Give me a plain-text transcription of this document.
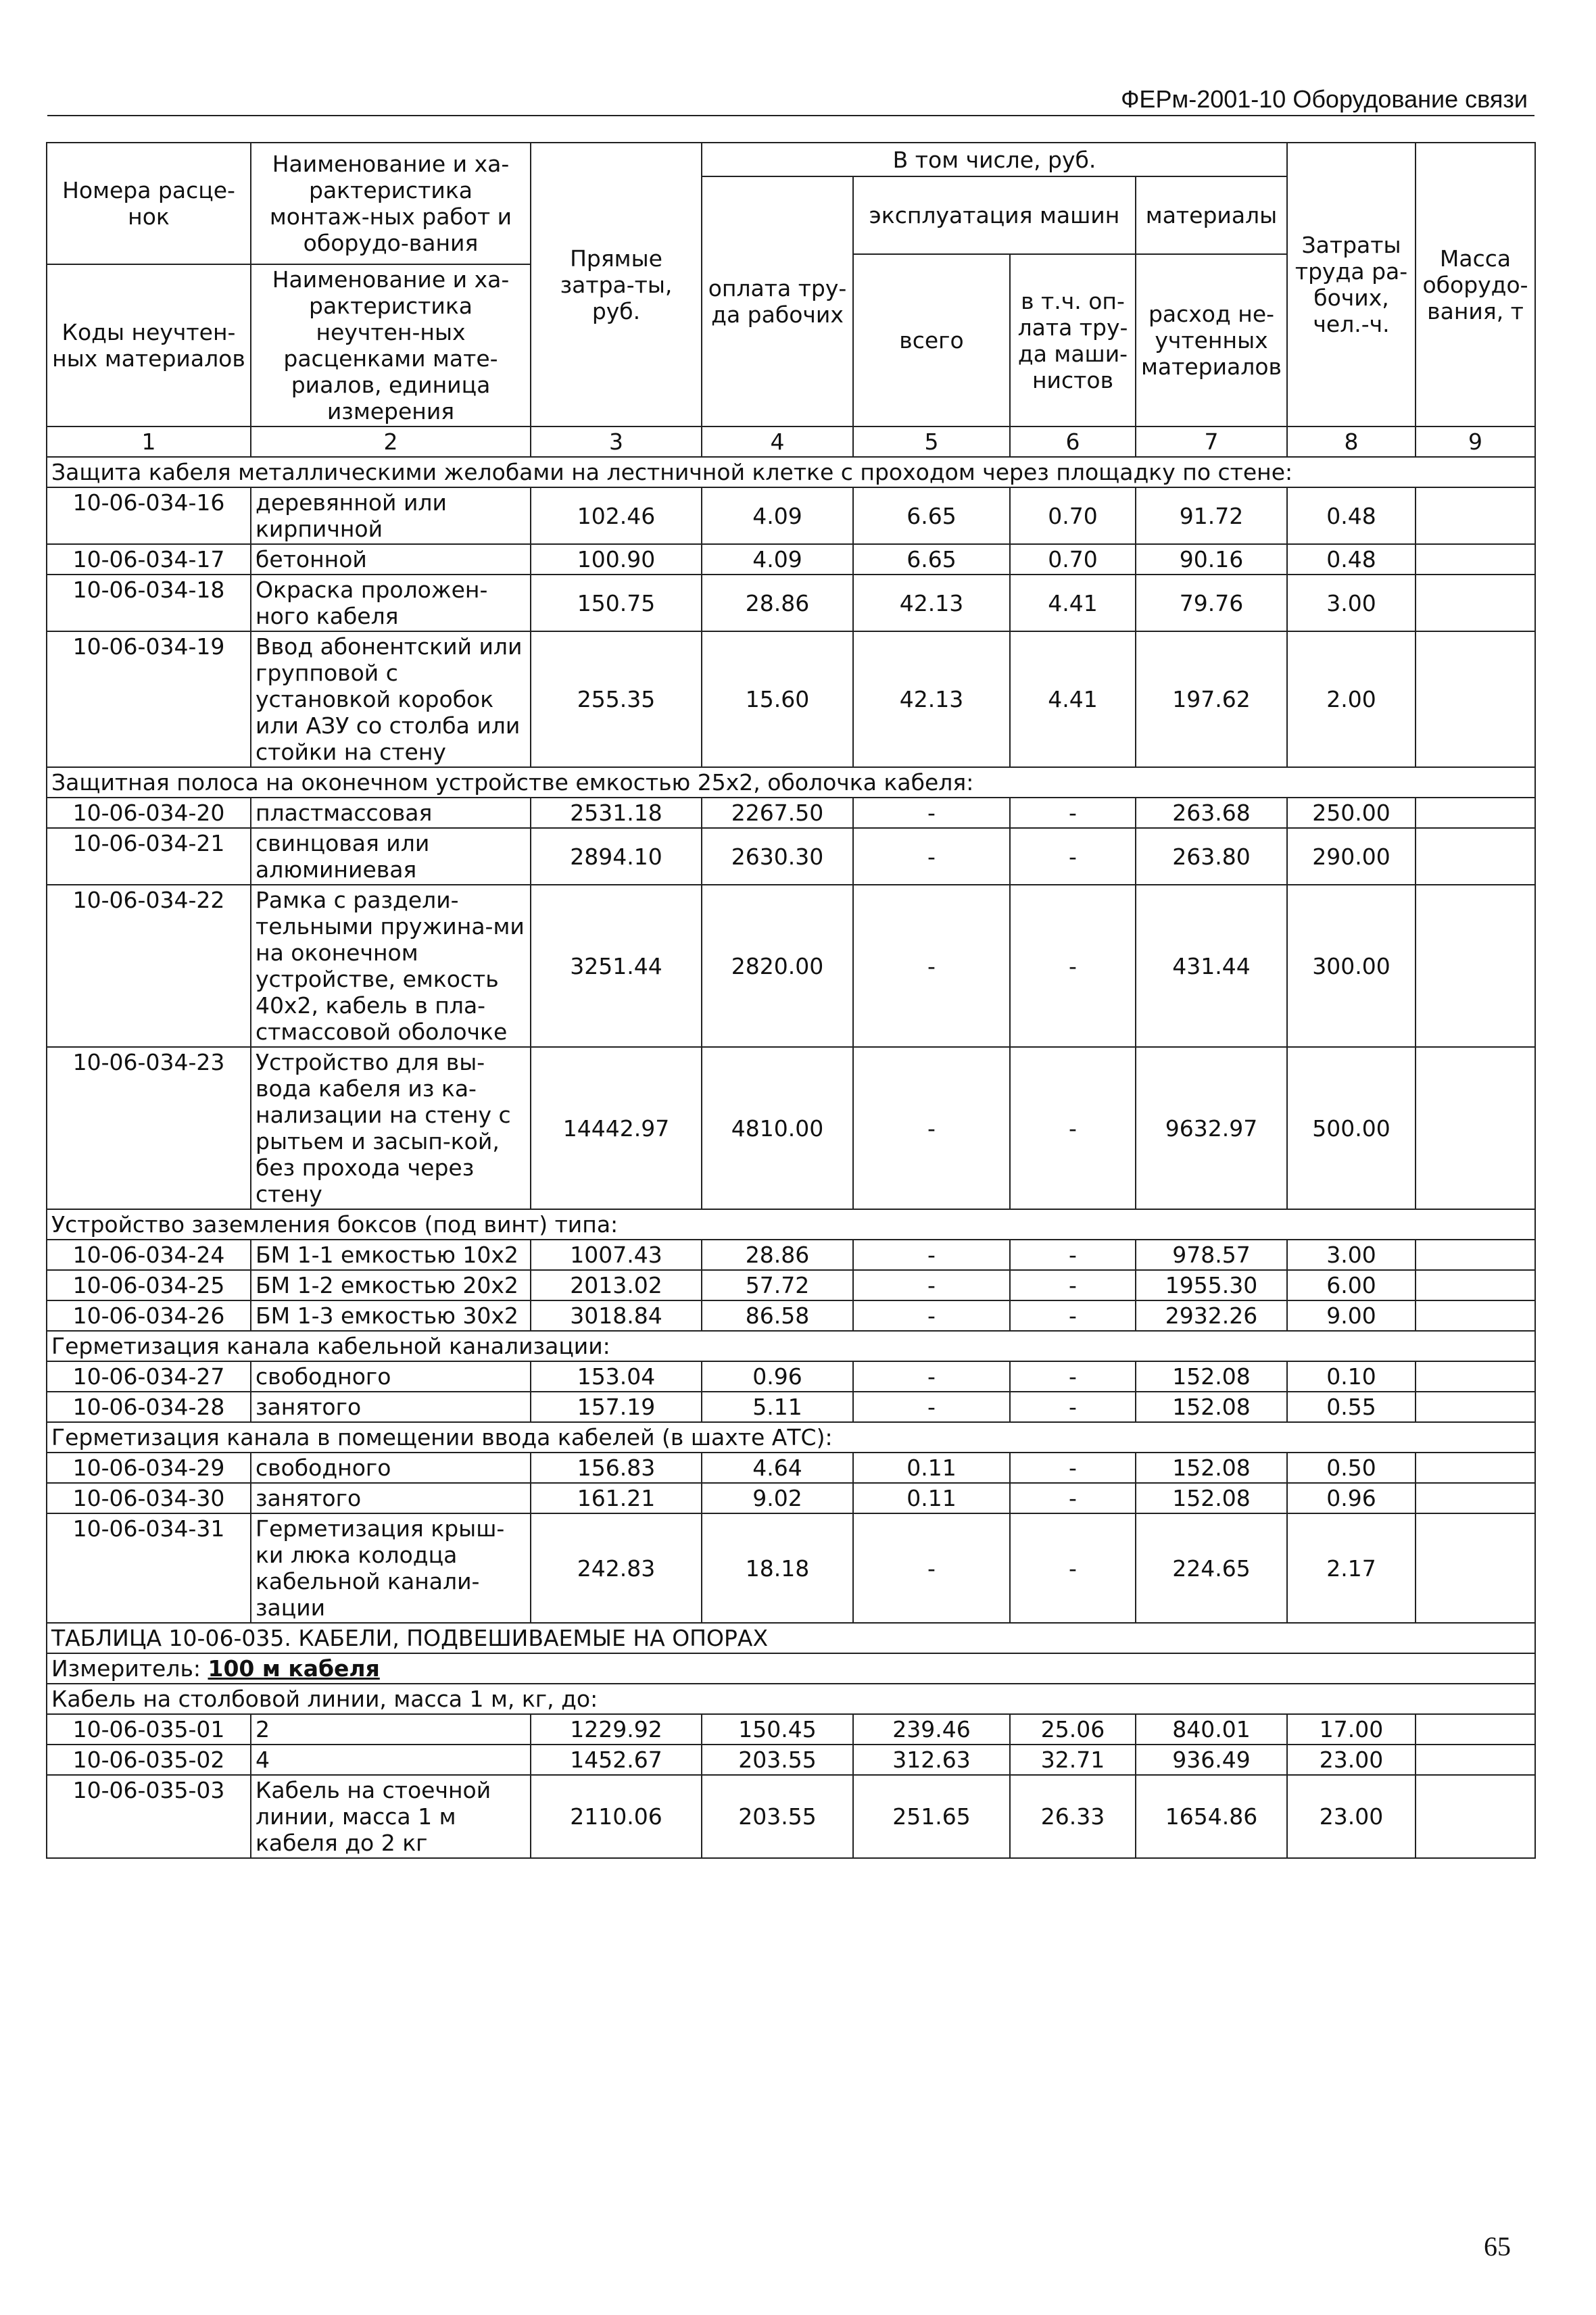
ФЕРм-2001-10 Оборудование связи
Номера расце-нок	Наименование и ха-рактеристика монтаж-ных работ и оборудо-вания	Прямые затра-ты, руб.	В том числе, руб.				Затраты труда ра-бочих, чел.-ч.	Масса оборудо-вания, т
			оплата тру-да рабочих	эксплуатация машин		материалы		
				всего	в т.ч. оп-лата тру-да маши-нистов	расход не-учтенных материалов		
Коды неучтен-ных материалов	Наименование и ха-рактеристика неучтен-ных расценками мате-риалов, единица измерения							

1	2	3	4	5	6	7	8	9
Защита кабеля металлическими желобами на лестничной клетке с проходом через площадку по стене:								
10-06-034-16	деревянной или кирпичной	102.46	4.09	6.65	0.70	91.72	0.48	
10-06-034-17	бетонной	100.90	4.09	6.65	0.70	90.16	0.48	
10-06-034-18	Окраска проложен-ного кабеля	150.75	28.86	42.13	4.41	79.76	3.00	
10-06-034-19	Ввод абонентский или групповой с установкой коробок или АЗУ со столба или стойки на стену	255.35	15.60	42.13	4.41	197.62	2.00	
Защитная полоса на оконечном устройстве емкостью 25х2, оболочка кабеля:								
10-06-034-20	пластмассовая	2531.18	2267.50	-	-	263.68	250.00	
10-06-034-21	свинцовая или алюминиевая	2894.10	2630.30	-	-	263.80	290.00	
10-06-034-22	Рамка с раздели-тельными пружина-ми на оконечном устройстве, емкость 40х2, кабель в пла-стмассовой оболочке	3251.44	2820.00	-	-	431.44	300.00	
10-06-034-23	Устройство для вы-вода кабеля из ка-нализации на стену с рытьем и засып-кой, без прохода через стену	14442.97	4810.00	-	-	9632.97	500.00	
Устройство заземления боксов (под винт) типа:								
10-06-034-24	БМ 1-1 емкостью 10х2	1007.43	28.86	-	-	978.57	3.00	
10-06-034-25	БМ 1-2 емкостью 20х2	2013.02	57.72	-	-	1955.30	6.00	
10-06-034-26	БМ 1-3 емкостью 30х2	3018.84	86.58	-	-	2932.26	9.00	
Герметизация канала кабельной канализации:								
10-06-034-27	свободного	153.04	0.96	-	-	152.08	0.10	
10-06-034-28	занятого	157.19	5.11	-	-	152.08	0.55	
Герметизация канала в помещении ввода кабелей (в шахте АТС):								
10-06-034-29	свободного	156.83	4.64	0.11	-	152.08	0.50	
10-06-034-30	занятого	161.21	9.02	0.11	-	152.08	0.96	
10-06-034-31	Герметизация крыш-ки люка колодца кабельной канали-зации	242.83	18.18	-	-	224.65	2.17	
ТАБЛИЦА 10-06-035. КАБЕЛИ, ПОДВЕШИВАЕМЫЕ НА ОПОРАХ								
Измеритель: 100 м кабеля								
Кабель на столбовой линии, масса 1 м, кг, до:								
10-06-035-01	2	1229.92	150.45	239.46	25.06	840.01	17.00	
10-06-035-02	4	1452.67	203.55	312.63	32.71	936.49	23.00	
10-06-035-03	Кабель на стоечной линии, масса 1 м кабеля до 2 кг	2110.06	203.55	251.65	26.33	1654.86	23.00	
65
